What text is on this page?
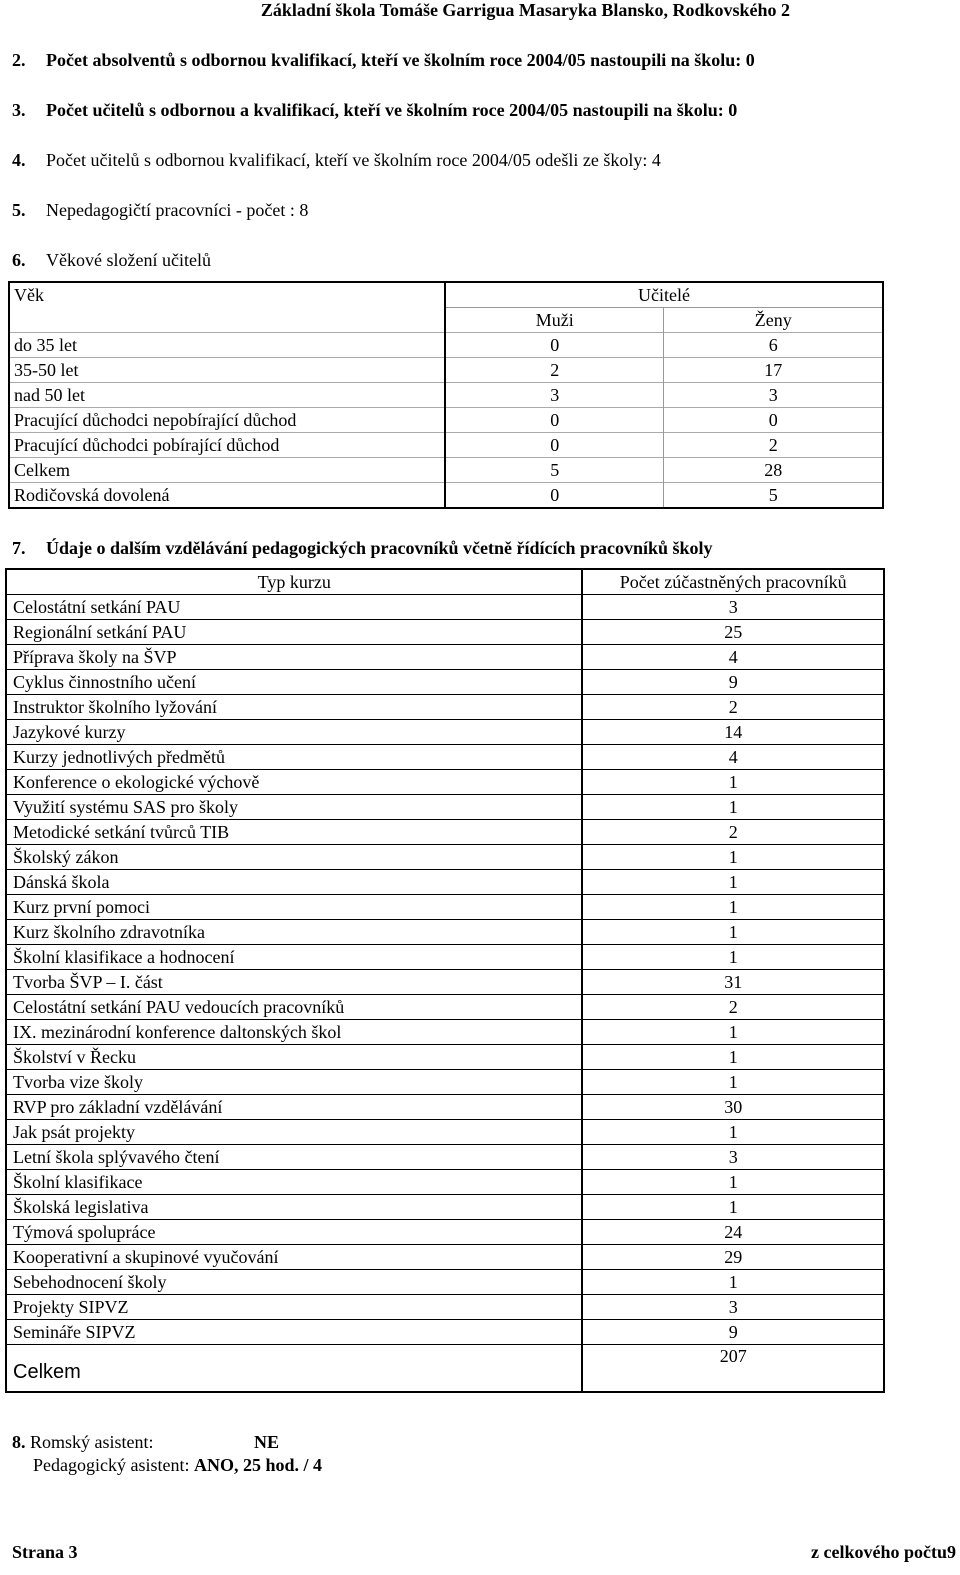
Základní škola Tomáše Garrigua Masaryka Blansko, Rodkovského 2
2. Počet absolventů s odbornou kvalifikací, kteří ve školním roce 2004/05 nastoupili na školu: 0
3. Počet učitelů s odbornou a kvalifikací, kteří ve školním roce 2004/05 nastoupili na školu: 0
4. Počet učitelů s odbornou kvalifikací, kteří ve školním roce 2004/05 odešli ze školy: 4
5. Nepedagogičtí pracovníci - počet : 8
6. Věkové složení učitelů
Věk	Učitelé	
	Muži	Ženy
do 35 let	0	6
35-50 let	2	17
nad 50 let	3	3
Pracující důchodci nepobírající důchod	0	0
Pracující důchodci pobírající důchod	0	2
Celkem	5	28
Rodičovská dovolená	0	5
7. Údaje o dalším vzdělávání pedagogických pracovníků včetně řídících pracovníků školy
Typ kurzu	Počet zúčastněných pracovníků
Celostátní setkání PAU	3
Regionální setkání PAU	25
Příprava školy na ŠVP	4
Cyklus činnostního učení	9
Instruktor školního lyžování	2
Jazykové kurzy	14
Kurzy jednotlivých předmětů	4
Konference o ekologické výchově	1
Využití systému SAS pro školy	1
Metodické setkání tvůrců TIB	2
Školský zákon	1
Dánská škola	1
Kurz první pomoci	1
Kurz školního zdravotníka	1
Školní klasifikace a hodnocení	1
Tvorba ŠVP – I. část	31
Celostátní setkání PAU vedoucích pracovníků	2
IX. mezinárodní konference daltonských škol	1
Školství v Řecku	1
Tvorba vize školy	1
RVP pro základní vzdělávání	30
Jak psát projekty	1
Letní škola splývavého čtení	3
Školní klasifikace	1
Školská legislativa	1
Týmová spolupráce	24
Kooperativní a skupinové vyučování	29
Sebehodnocení školy	1
Projekty SIPVZ	3
Semináře SIPVZ	9
Celkem	207
8. Romský asistent:	NE
Pedagogický asistent: ANO, 25 hod. / 4
Strana 3	z celkového počtu9
